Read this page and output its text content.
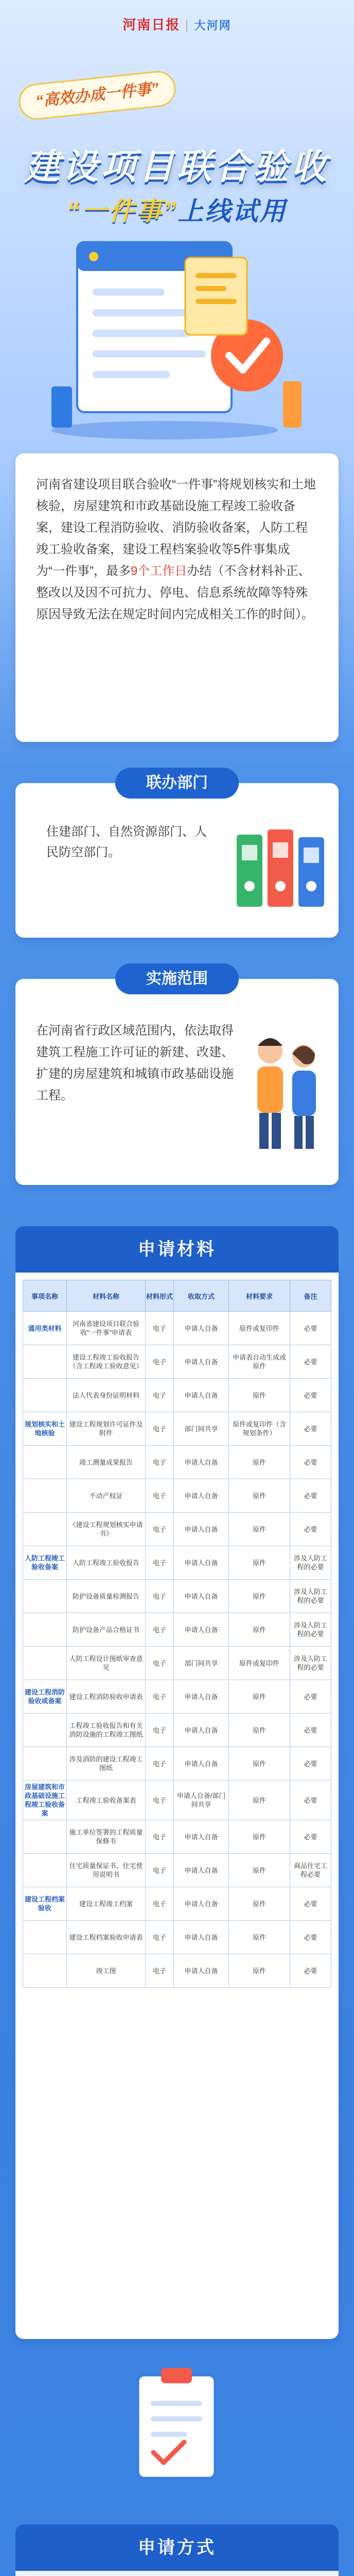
河南日报 | 大河网
“高效办成一件事”
建设项目联合验收
“一件事”上线试用
河南省建设项目联合验收“一件事”将规划核实和土地核验，房屋建筑和市政基础设施工程竣工验收备案，建设工程消防验收、消防验收备案，人防工程竣工验收备案，建设工程档案验收等5件事集成为“一件事”，最多9个工作日办结（不含材料补正、整改以及因不可抗力、停电、信息系统故障等特殊原因导致无法在规定时间内完成相关工作的时间）。
住建部门、自然资源部门、人民防空部门。
联办部门
在河南省行政区域范围内，依法取得建筑工程施工许可证的新建、改建、扩建的房屋建筑和城镇市政基础设施工程。
实施范围
申请材料
事项名称	材料名称	材料形式	收取方式	材料要求	备注
通用类材料	河南省建设项目联合验收“一件事”申请表	电子	申请人自备	原件或复印件	必要
	建设工程竣工验收报告（含工程竣工验收意见）	电子	申请人自备	申请表自动生成或原件	必要
	法人代表身份证明材料	电子	申请人自备	原件	必要
规划核实和土地核验	建设工程规划许可证件及附件	电子	部门间共享	原件或复印件（含规划条件）	必要
	竣工测量成果报告	电子	申请人自备	原件	必要
	不动产权证	电子	申请人自备	原件	必要
	《建设工程规划核实申请书》	电子	申请人自备	原件	必要
人防工程竣工验收备案	人防工程竣工验收报告	电子	申请人自备	原件	涉及人防工程的必要
	防护设备质量检测报告	电子	申请人自备	原件	涉及人防工程的必要
	防护设备产品合格证书	电子	申请人自备	原件	涉及人防工程的必要
	人防工程设计图纸审查意见	电子	部门间共享	原件或复印件	涉及人防工程的必要
建设工程消防验收或备案	建设工程消防验收申请表	电子	申请人自备	原件	必要
	工程竣工验收报告和有关消防设施的工程竣工图纸	电子	申请人自备	原件	必要
	涉及消防的建设工程竣工图纸	电子	申请人自备	原件	必要
房屋建筑和市政基础设施工程竣工验收备案	工程竣工验收备案表	电子	申请人自备/部门间共享	原件	必要
	施工单位签署的工程质量保修书	电子	申请人自备	原件	必要
	住宅质量保证书、住宅使用说明书	电子	申请人自备	原件	商品住宅工程必要
建设工程档案验收	建设工程竣工档案	电子	申请人自备	原件	必要
	建设工程档案验收申请表	电子	申请人自备	原件	必要
	竣工图	电子	申请人自备	原件	必要
申请方式
